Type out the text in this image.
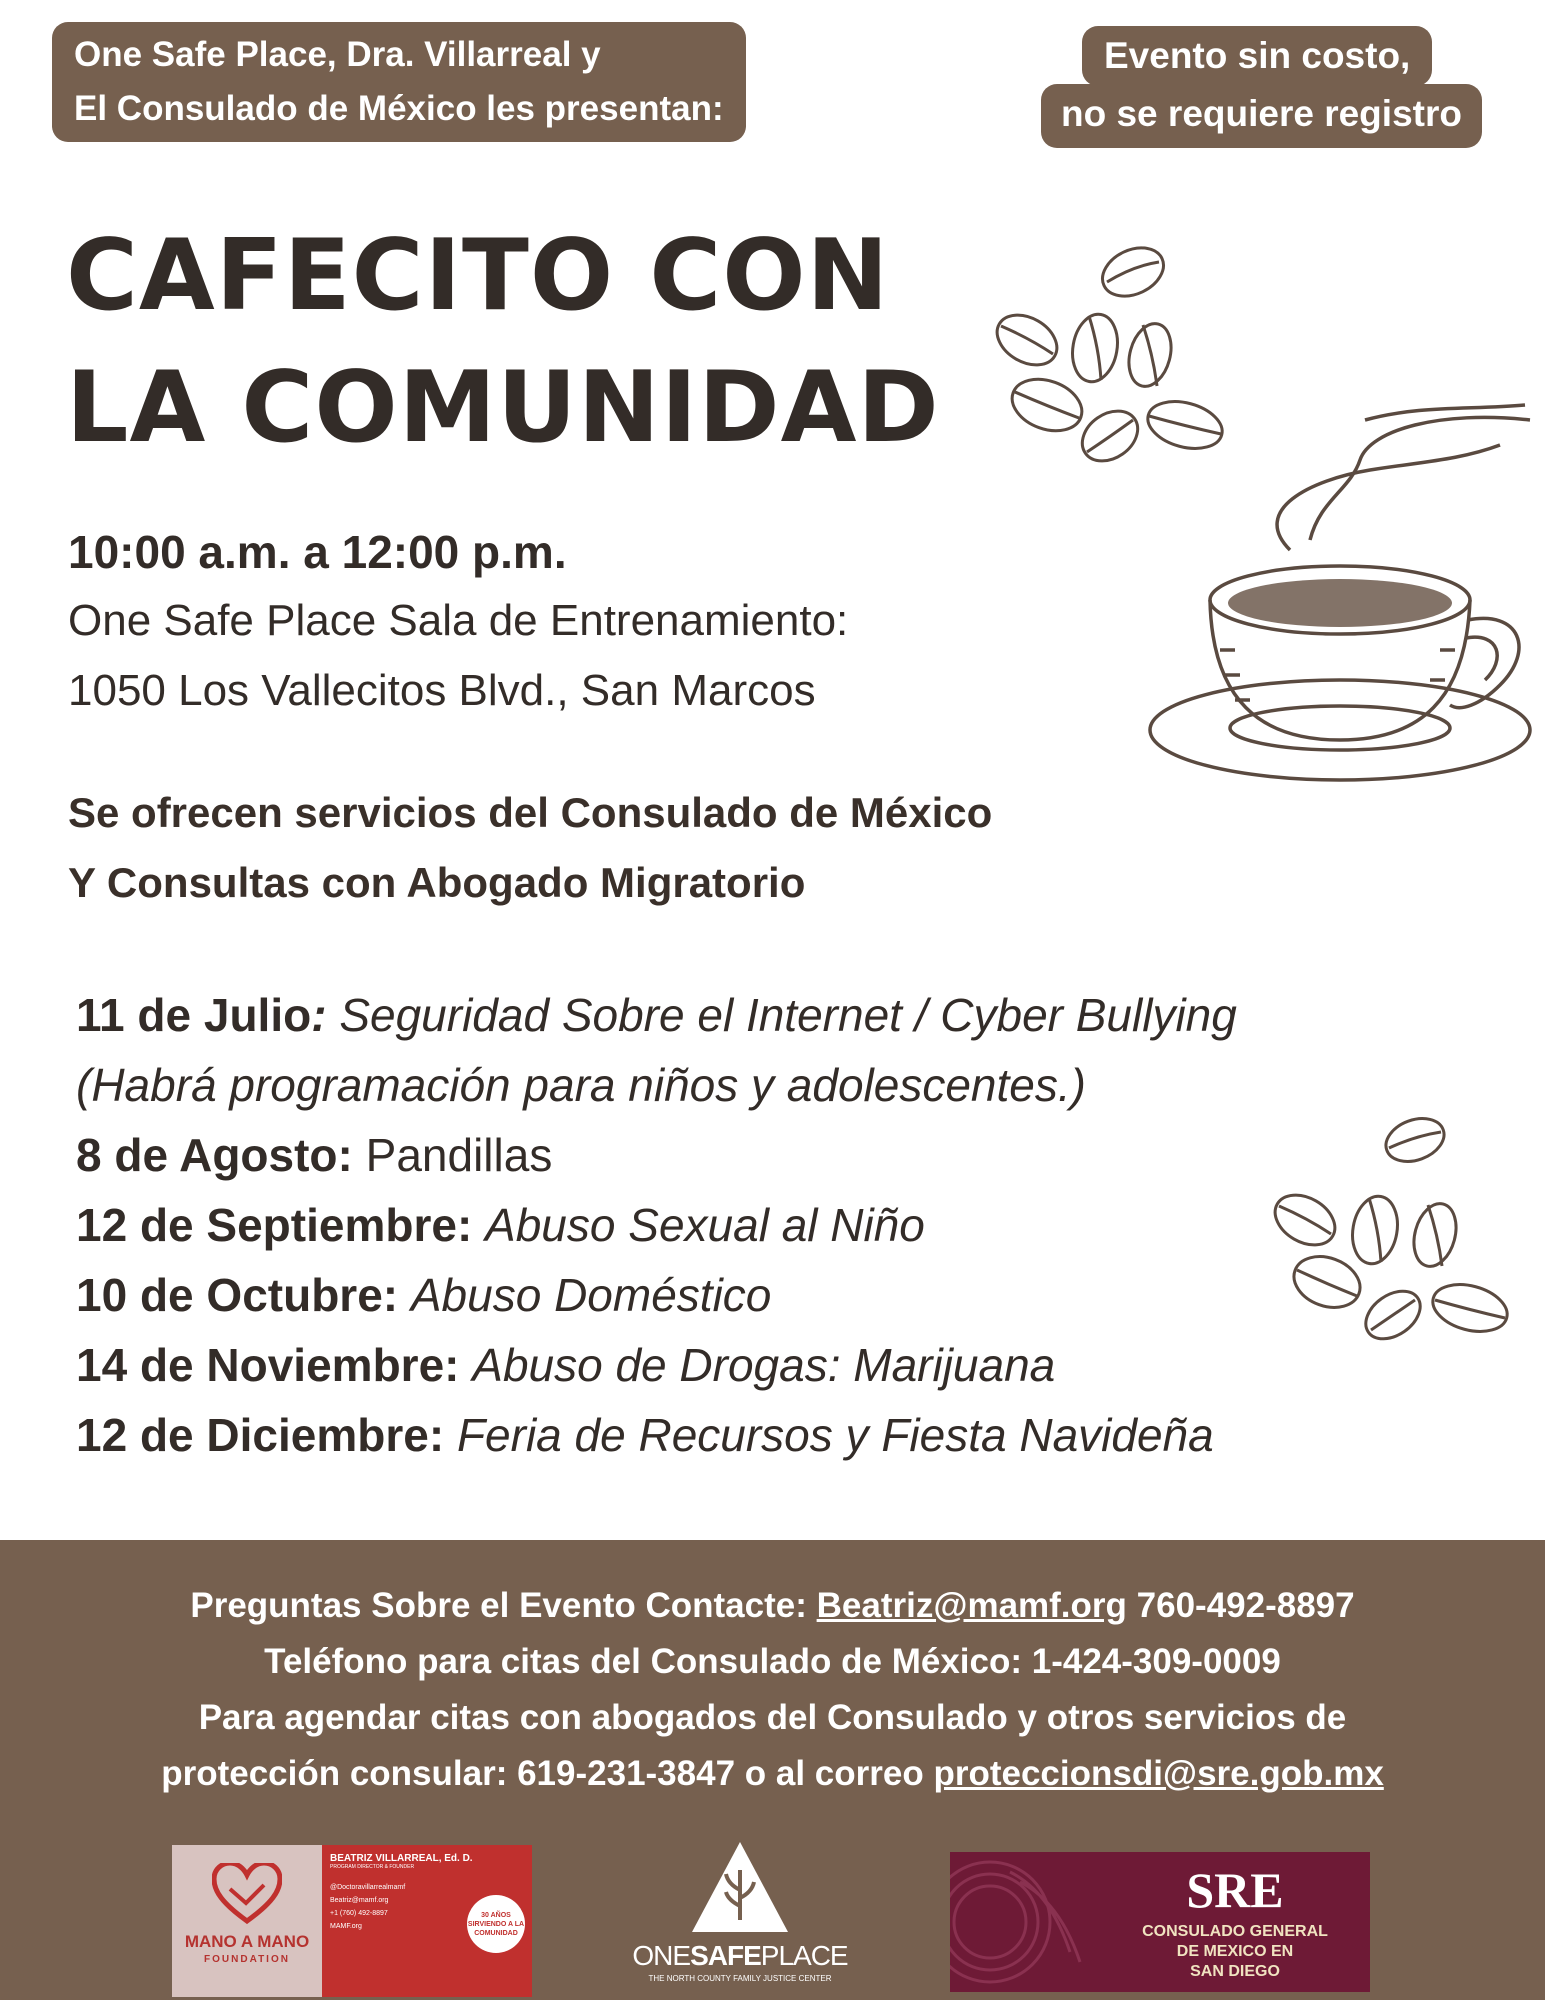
One Safe Place, Dra. Villarreal y
El Consulado de México les presentan:
Evento sin costo,
no se requiere registro
CAFECITO CON
LA COMUNIDAD
10:00 a.m. a 12:00 p.m.
One Safe Place Sala de Entrenamiento:
1050 Los Vallecitos Blvd., San Marcos
Se ofrecen servicios del Consulado de México
Y Consultas con Abogado Migratorio
11 de Julio: Seguridad Sobre el Internet / Cyber Bullying
(Habrá programación para niños y adolescentes.)
8 de Agosto: Pandillas
12 de Septiembre: Abuso Sexual al Niño
10 de Octubre: Abuso Doméstico
14 de Noviembre: Abuso de Drogas: Marijuana
12 de Diciembre: Feria de Recursos y Fiesta Navideña
Preguntas Sobre el Evento Contacte: Beatriz@mamf.org 760-492-8897
Teléfono para citas del Consulado de México: 1-424-309-0009
Para agendar citas con abogados del Consulado y otros servicios de
protección consular: 619-231-3847 o al correo proteccionsdi@sre.gob.mx
MANO A MANO
FOUNDATION
BEATRIZ VILLARREAL, Ed. D.
PROGRAM DIRECTOR & FOUNDER
@Doctoravillarrealmamf
Beatriz@mamf.org
+1 (760) 492-8897
MAMF.org
30 AÑOS SIRVIENDO A LA COMUNIDAD
ONESAFEPLACE
THE NORTH COUNTY FAMILY JUSTICE CENTER
SRE
CONSULADO GENERAL
DE MEXICO EN
SAN DIEGO
